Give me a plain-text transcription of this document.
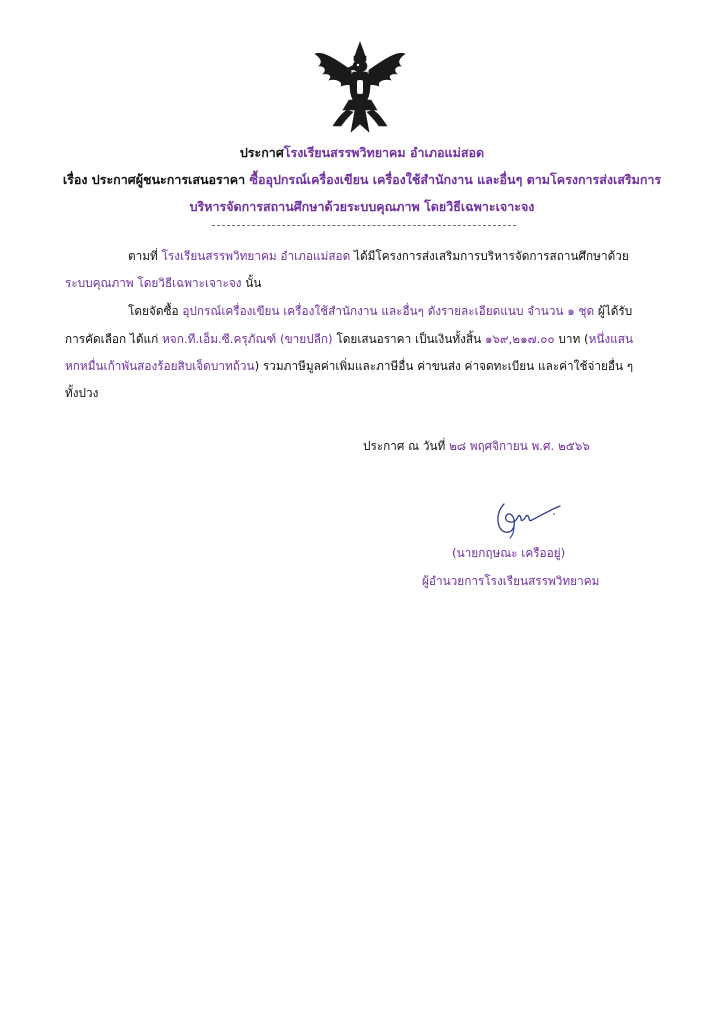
ประกาศโรงเรียนสรรพวิทยาคม อำเภอแม่สอด
เรื่อง ประกาศผู้ชนะการเสนอราคา ซื้ออุปกรณ์เครื่องเขียน เครื่องใช้สำนักงาน และอื่นๆ ตามโครงการส่งเสริมการ
บริหารจัดการสถานศึกษาด้วยระบบคุณภาพ โดยวิธีเฉพาะเจาะจง
ตามที่ โรงเรียนสรรพวิทยาคม อำเภอแม่สอด ได้มีโครงการส่งเสริมการบริหารจัดการสถานศึกษาด้วย
ระบบคุณภาพ โดยวิธีเฉพาะเจาะจง นั้น
โดยจัดซื้อ อุปกรณ์เครื่องเขียน เครื่องใช้สำนักงาน และอื่นๆ ดังรายละเอียดแนบ จำนวน ๑ ชุด ผู้ได้รับ
การคัดเลือก ได้แก่ หจก.ที.เอ็ม.ซี.ครุภัณฑ์ (ขายปลีก) โดยเสนอราคา เป็นเงินทั้งสิ้น ๑๖๙,๒๑๗.๐๐ บาท (หนึ่งแสน
หกหมื่นเก้าพันสองร้อยสิบเจ็ดบาทถ้วน) รวมภาษีมูลค่าเพิ่มและภาษีอื่น ค่าขนส่ง ค่าจดทะเบียน และค่าใช้จ่ายอื่น ๆ
ทั้งปวง
ประกาศ ณ วันที่ ๒๘ พฤศจิกายน พ.ศ. ๒๕๖๖
(นายกฤษณะ เครืออยู่)
ผู้อำนวยการโรงเรียนสรรพวิทยาคม
